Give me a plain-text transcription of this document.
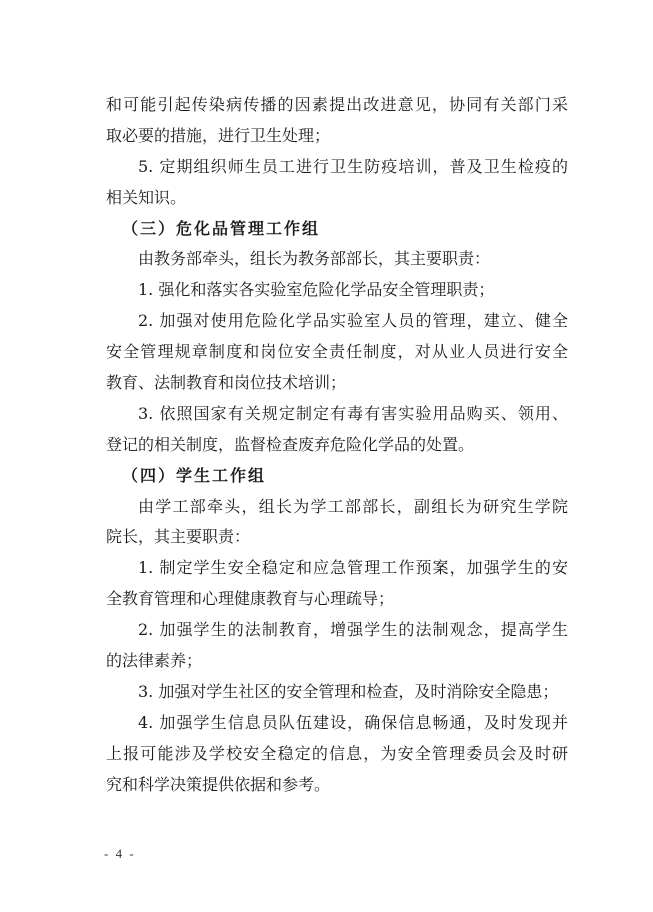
和可能引起传染病传播的因素提出改进意见，协同有关部门采
取必要的措施，进行卫生处理；
5. 定期组织师生员工进行卫生防疫培训，普及卫生检疫的
相关知识。
（三）危化品管理工作组
由教务部牵头，组长为教务部部长，其主要职责：
1. 强化和落实各实验室危险化学品安全管理职责；
2. 加强对使用危险化学品实验室人员的管理，建立、健全
安全管理规章制度和岗位安全责任制度，对从业人员进行安全
教育、法制教育和岗位技术培训；
3. 依照国家有关规定制定有毒有害实验用品购买、领用、
登记的相关制度，监督检查废弃危险化学品的处置。
（四）学生工作组
由学工部牵头，组长为学工部部长，副组长为研究生学院
院长，其主要职责：
1. 制定学生安全稳定和应急管理工作预案，加强学生的安
全教育管理和心理健康教育与心理疏导；
2. 加强学生的法制教育，增强学生的法制观念，提高学生
的法律素养；
3. 加强对学生社区的安全管理和检查，及时消除安全隐患；
4. 加强学生信息员队伍建设，确保信息畅通，及时发现并
上报可能涉及学校安全稳定的信息，为安全管理委员会及时研
究和科学决策提供依据和参考。
- 4 -
